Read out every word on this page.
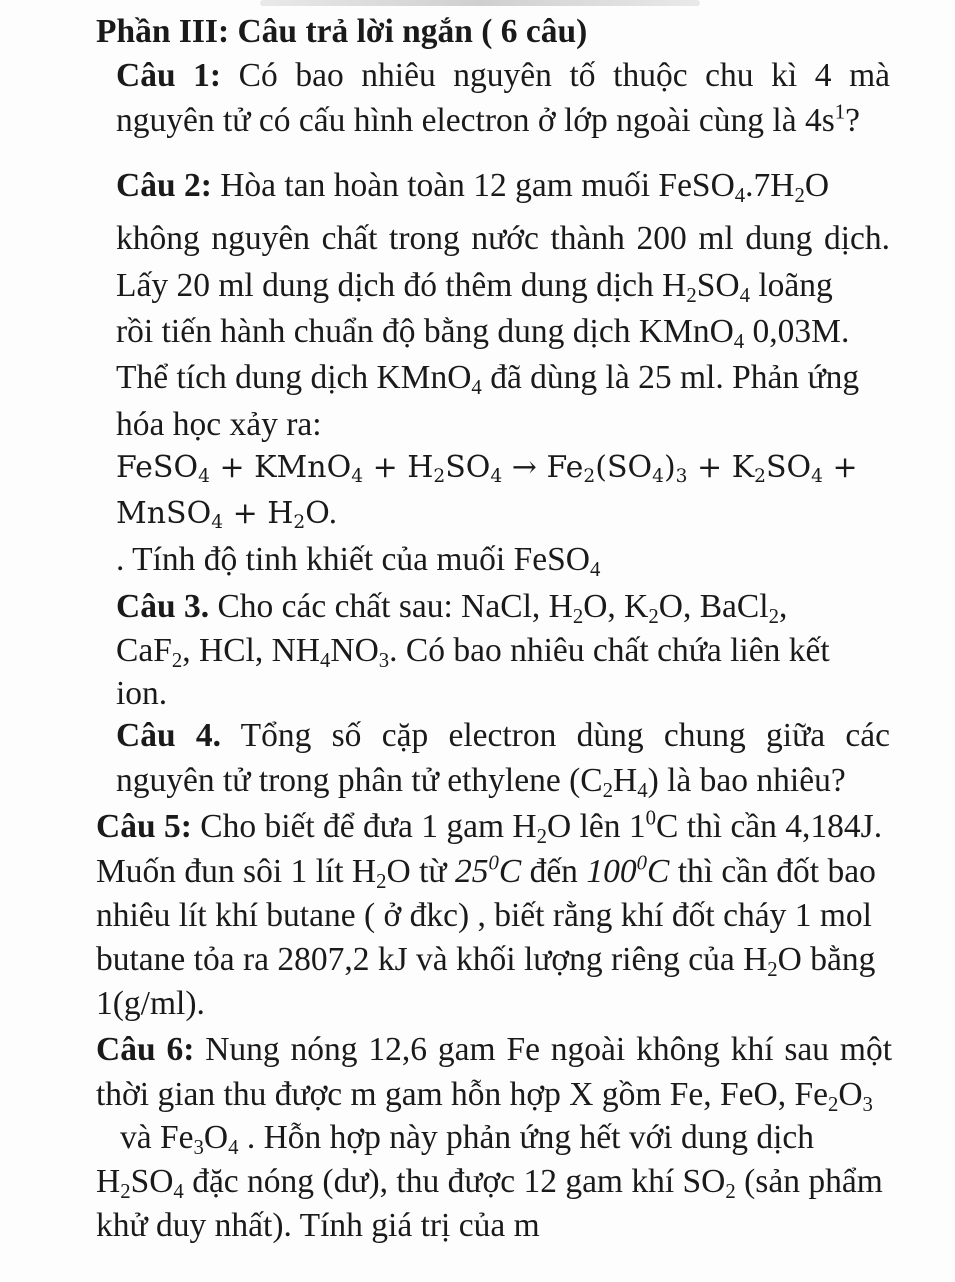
Phần III: Câu trả lời ngắn ( 6 câu)
Câu 1: Có bao nhiêu nguyên tố thuộc chu kì 4 mà
nguyên tử có cấu hình electron ở lớp ngoài cùng là $4s^1$?
Câu 2: Hòa tan hoàn toàn 12 gam muối $FeSO_4.7H_2O$
không nguyên chất trong nước thành 200 ml dung dịch.
Lấy 20 ml dung dịch đó thêm dung dịch $H_2SO_4$ loãng
rồi tiến hành chuẩn độ bằng dung dịch KMnO$_4$ 0,03M.
Thể tích dung dịch KMnO$_4$ đã dùng là 25 ml. Phản ứng
hóa học xảy ra:
FeSO$_4$ + KMnO$_4$ + $H_2SO_4 \to Fe_2(SO_4)_3 + K_2SO_4$ +
MnSO$_4$ + $H_2O$.
. Tính độ tinh khiết của muối FeSO$_4$
Câu 3. Cho các chất sau: NaCl, $H_2O$, $K_2O$, BaCl$_2$,
CaF$_2$, HCl, $NH_4NO_3$. Có bao nhiêu chất chứa liên kết
ion.
Câu 4. Tổng số cặp electron dùng chung giữa các
nguyên tử trong phân tử ethylene $(C_2H_4)$ là bao nhiêu?
Câu 5: Cho biết để đưa 1 gam $H_2O$ lên $1^0C$ thì cần 4,184J.
Muốn đun sôi 1 lít $H_2O$ từ $25^0C$ đến $100^0C$ thì cần đốt bao
nhiêu lít khí butane ( ở đkc) , biết rằng khí đốt cháy 1 mol
butane tỏa ra 2807,2 kJ và khối lượng riêng của $H_2O$ bằng
1(g/ml).
Câu 6: Nung nóng 12,6 gam Fe ngoài không khí sau một
thời gian thu được m gam hỗn hợp X gồm Fe, FeO, $Fe_2O_3$
và $Fe_3O_4$ . Hỗn hợp này phản ứng hết với dung dịch
$H_2SO_4$ đặc nóng (dư), thu được 12 gam khí $SO_2$ (sản phẩm
khử duy nhất). Tính giá trị của m
